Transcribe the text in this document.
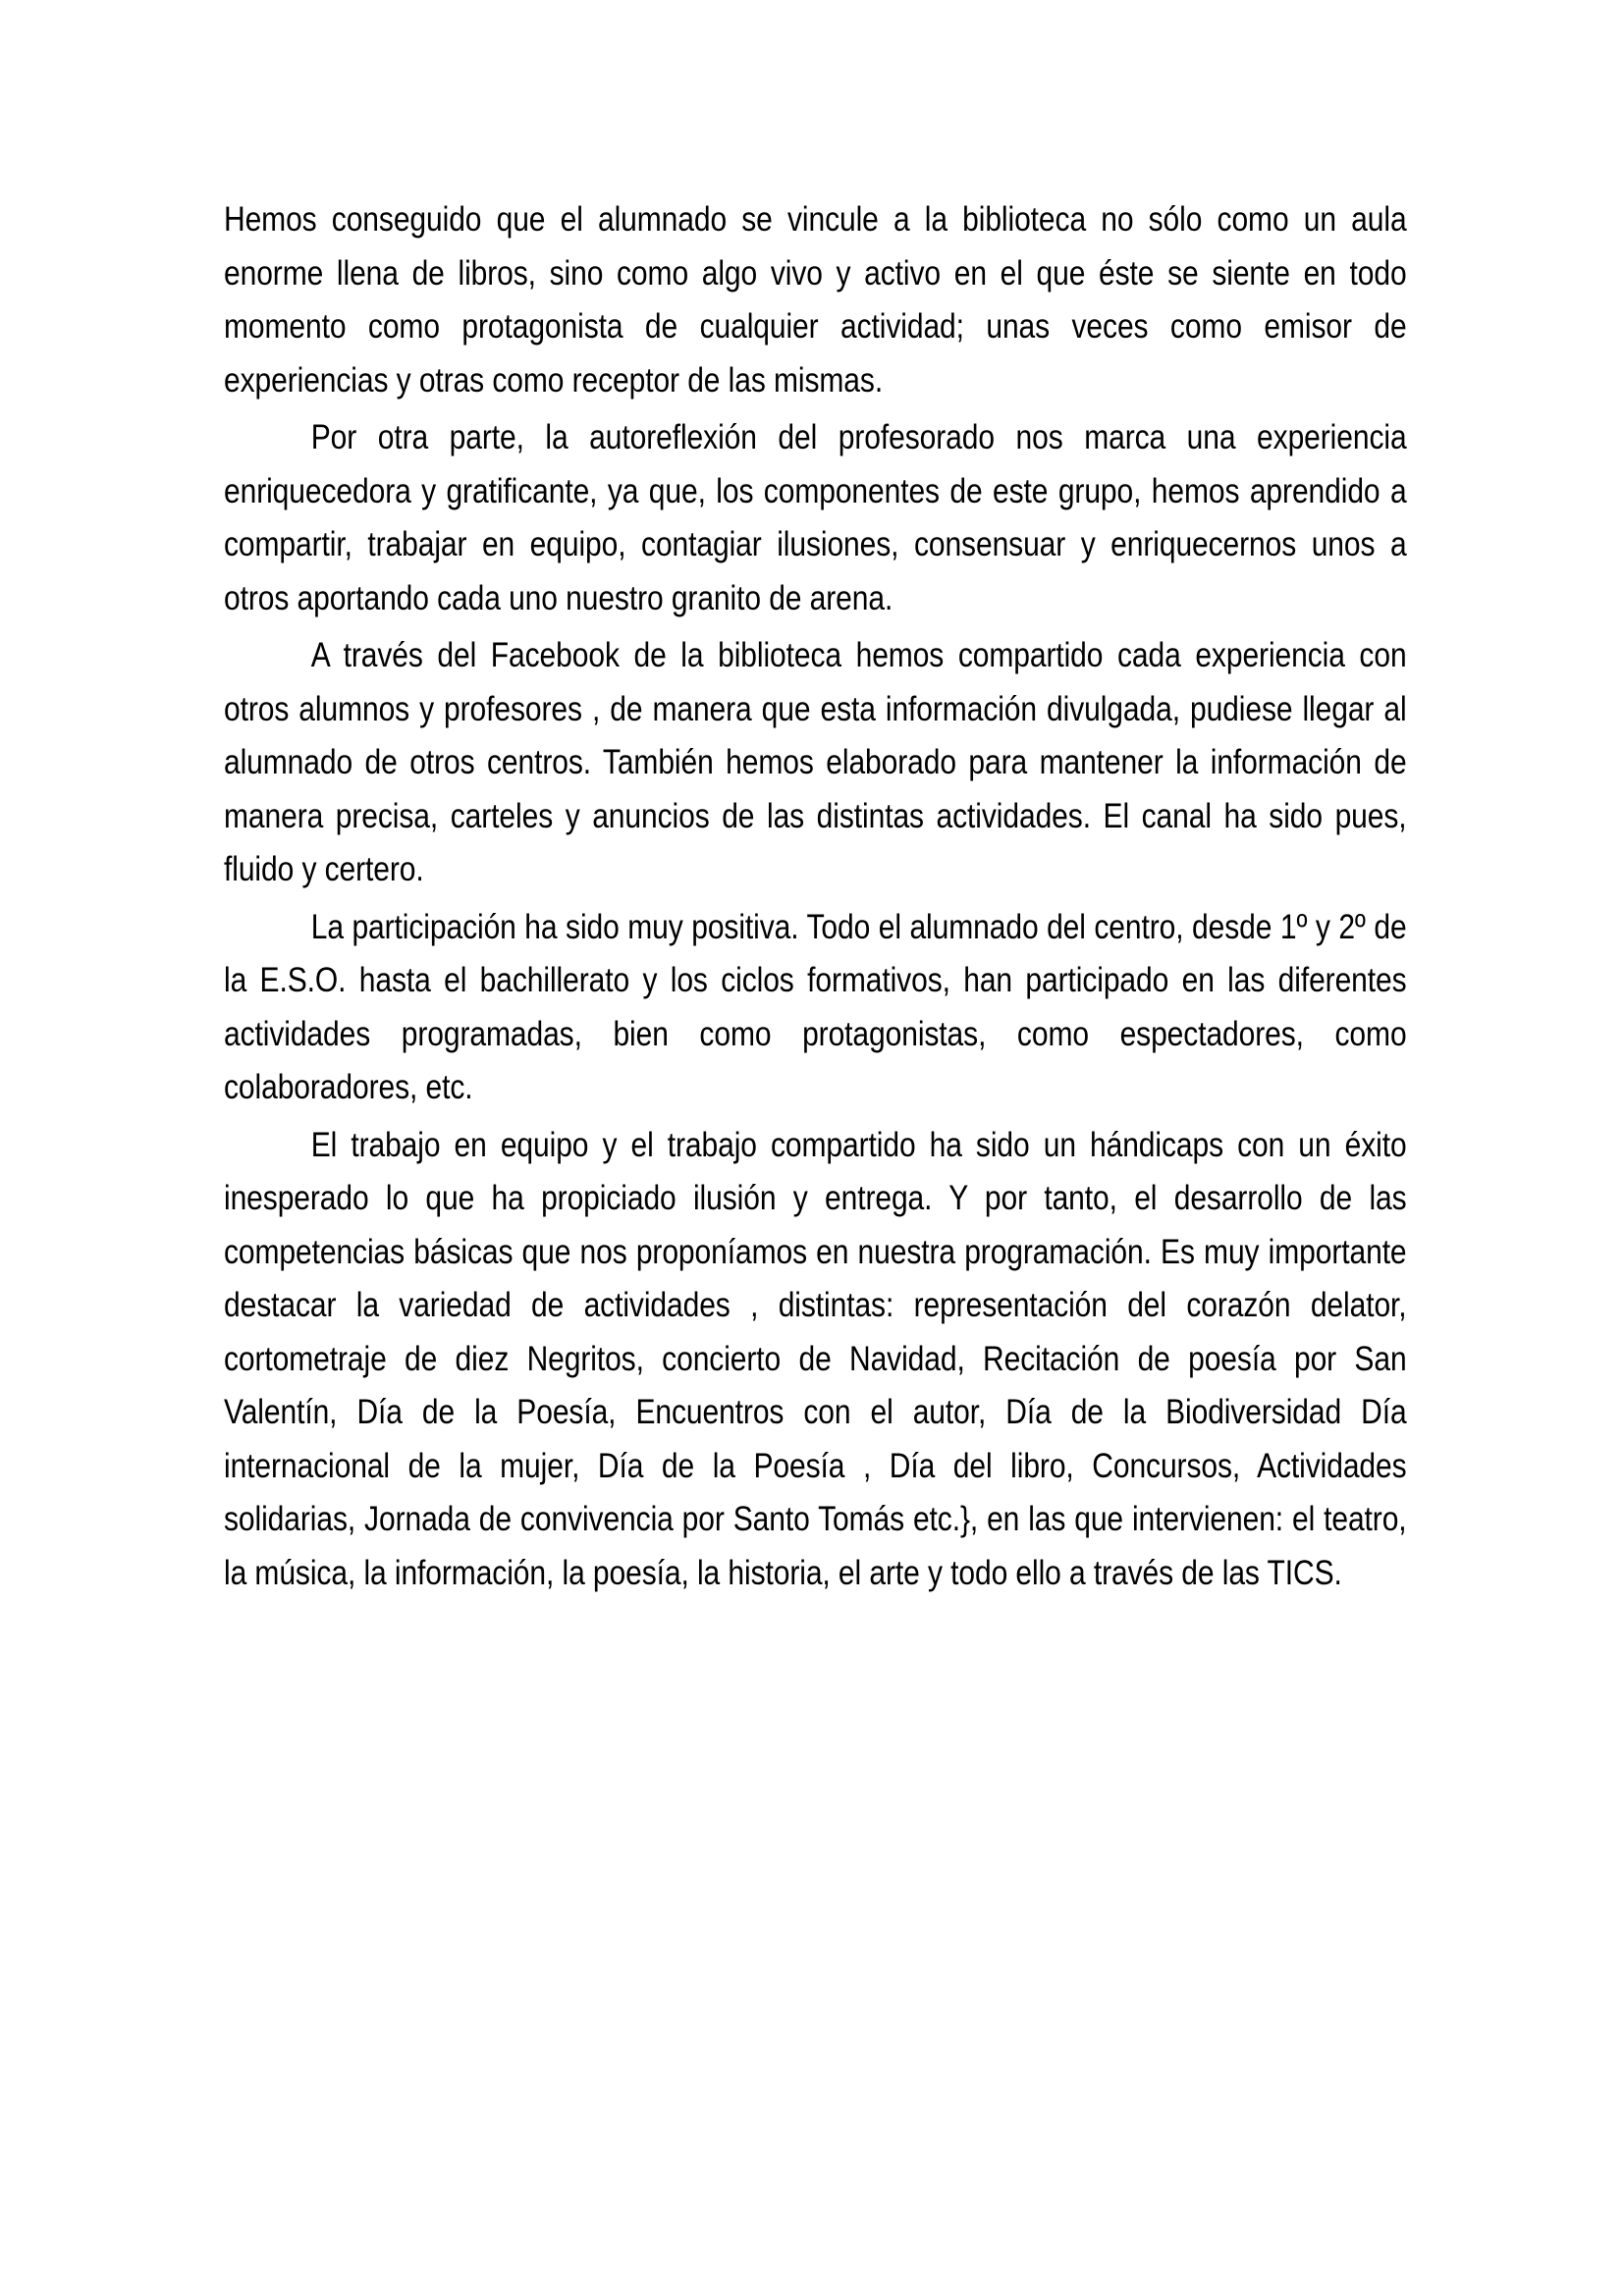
Hemos conseguido que el alumnado se vincule a la biblioteca no sólo como un aula enorme llena de libros, sino como algo vivo y activo en el que éste se siente en todo momento como protagonista de cualquier actividad; unas veces como emisor de experiencias y otras como receptor de las mismas.

Por otra parte, la autoreflexión del profesorado nos marca una experiencia enriquecedora y gratificante, ya que, los componentes de este grupo, hemos aprendido a compartir, trabajar en equipo, contagiar ilusiones, consensuar y enriquecernos unos a otros aportando cada uno nuestro granito de arena.

A través del Facebook de la biblioteca hemos compartido cada experiencia con otros alumnos y profesores , de manera que esta información divulgada, pudiese llegar al alumnado de otros centros. También hemos elaborado para mantener la información de manera precisa, carteles y anuncios de las distintas actividades. El canal ha sido pues, fluido y certero.

La participación ha sido muy positiva. Todo el alumnado del centro, desde 1º y 2º de la E.S.O. hasta el bachillerato y los ciclos formativos, han participado en las diferentes actividades programadas, bien como protagonistas, como espectadores, como colaboradores, etc.

El trabajo en equipo y el trabajo compartido ha sido un hándicaps con un éxito inesperado lo que ha propiciado ilusión y entrega. Y por tanto, el desarrollo de las competencias básicas que nos proponíamos en nuestra programación. Es muy importante destacar la variedad de actividades , distintas: representación del corazón delator, cortometraje de diez Negritos, concierto de Navidad, Recitación de poesía por San Valentín, Día de la Poesía, Encuentros con el autor, Día de la Biodiversidad Día internacional de la mujer, Día de la Poesía , Día del libro, Concursos, Actividades solidarias, Jornada de convivencia por Santo Tomás etc.}, en las que intervienen: el teatro, la música, la información, la poesía, la historia, el arte y todo ello a través de las TICS.
